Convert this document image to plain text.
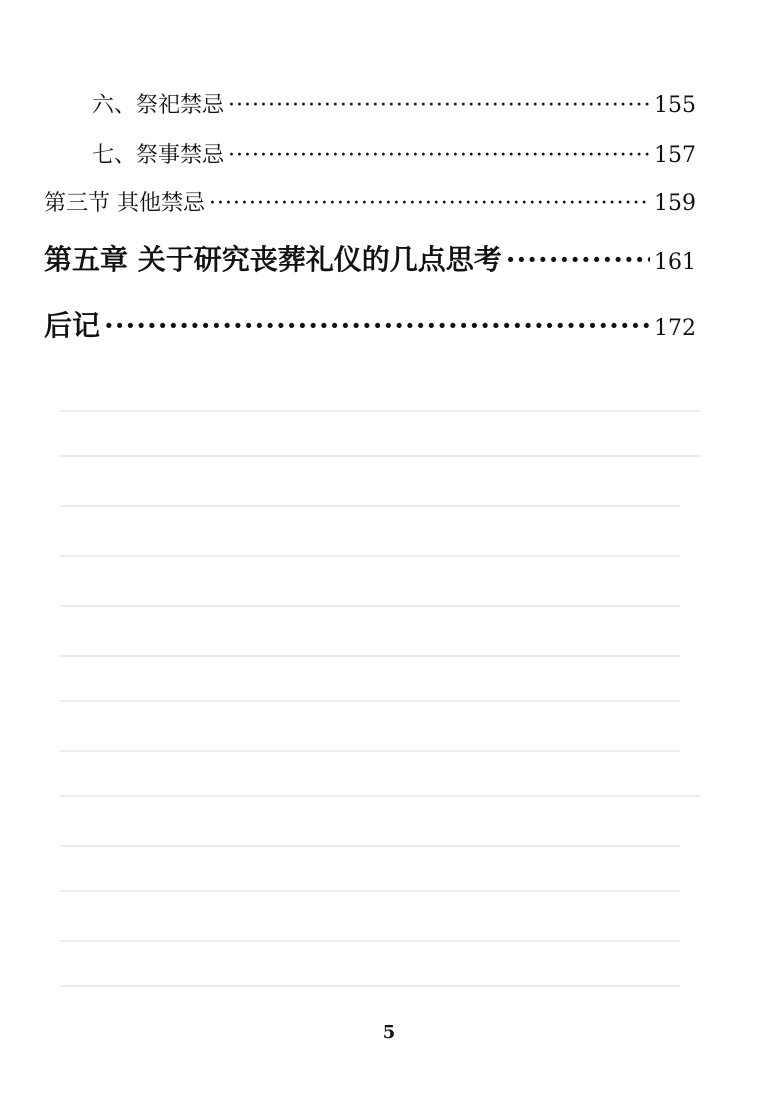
六、祭祀禁忌 ·····	155
七、祭事禁忌 ·····	157
第三节 其他禁忌 ·····	159
第五章 关于研究丧葬礼仪的几点思考 ·····	161
后记 ·····	172
5
